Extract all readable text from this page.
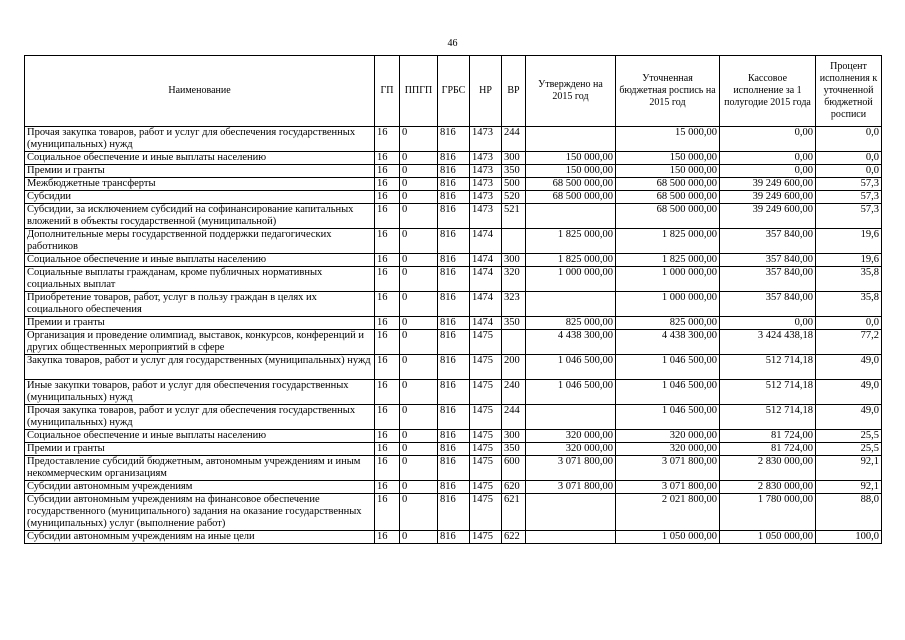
46
Наименование	ГП	ППГП	ГРБС	НР	ВР	Утверждено на 2015 год	Уточненная бюджетная роспись на 2015 год	Кассовое исполнение за 1 полугодие 2015 года	Процент исполнения к уточненной бюджетной росписи
Прочая закупка товаров, работ и услуг для обеспечения государственных (муниципальных) нужд	16	0	816	1473	244		15 000,00	0,00	0,0
Социальное обеспечение и иные выплаты населению	16	0	816	1473	300	150 000,00	150 000,00	0,00	0,0
Премии и гранты	16	0	816	1473	350	150 000,00	150 000,00	0,00	0,0
Межбюджетные трансферты	16	0	816	1473	500	68 500 000,00	68 500 000,00	39 249 600,00	57,3
Субсидии	16	0	816	1473	520	68 500 000,00	68 500 000,00	39 249 600,00	57,3
Субсидии, за исключением субсидий на софинансирование капитальных вложений в объекты государственной (муниципальной)	16	0	816	1473	521		68 500 000,00	39 249 600,00	57,3
Дополнительные меры государственной поддержки педагогических работников	16	0	816	1474		1 825 000,00	1 825 000,00	357 840,00	19,6
Социальное обеспечение и иные выплаты населению	16	0	816	1474	300	1 825 000,00	1 825 000,00	357 840,00	19,6
Социальные выплаты гражданам, кроме публичных нормативных социальных выплат	16	0	816	1474	320	1 000 000,00	1 000 000,00	357 840,00	35,8
Приобретение товаров, работ, услуг в пользу граждан в целях их социального обеспечения	16	0	816	1474	323		1 000 000,00	357 840,00	35,8
Премии и гранты	16	0	816	1474	350	825 000,00	825 000,00	0,00	0,0
Организация и проведение олимпиад, выставок, конкурсов, конференций и других общественных мероприятий в сфере	16	0	816	1475		4 438 300,00	4 438 300,00	3 424 438,18	77,2
Закупка товаров, работ и услуг для государственных (муниципальных) нужд	16	0	816	1475	200	1 046 500,00	1 046 500,00	512 714,18	49,0
Иные закупки товаров, работ и услуг для обеспечения государственных (муниципальных) нужд	16	0	816	1475	240	1 046 500,00	1 046 500,00	512 714,18	49,0
Прочая закупка товаров, работ и услуг для обеспечения государственных (муниципальных) нужд	16	0	816	1475	244		1 046 500,00	512 714,18	49,0
Социальное обеспечение и иные выплаты населению	16	0	816	1475	300	320 000,00	320 000,00	81 724,00	25,5
Премии и гранты	16	0	816	1475	350	320 000,00	320 000,00	81 724,00	25,5
Предоставление субсидий бюджетным, автономным учреждениям и иным некоммерческим организациям	16	0	816	1475	600	3 071 800,00	3 071 800,00	2 830 000,00	92,1
Субсидии автономным учреждениям	16	0	816	1475	620	3 071 800,00	3 071 800,00	2 830 000,00	92,1
Субсидии автономным учреждениям на финансовое обеспечение государственного (муниципального) задания на оказание государственных (муниципальных) услуг (выполнение работ)	16	0	816	1475	621		2 021 800,00	1 780 000,00	88,0
Субсидии автономным учреждениям на иные цели	16	0	816	1475	622		1 050 000,00	1 050 000,00	100,0
